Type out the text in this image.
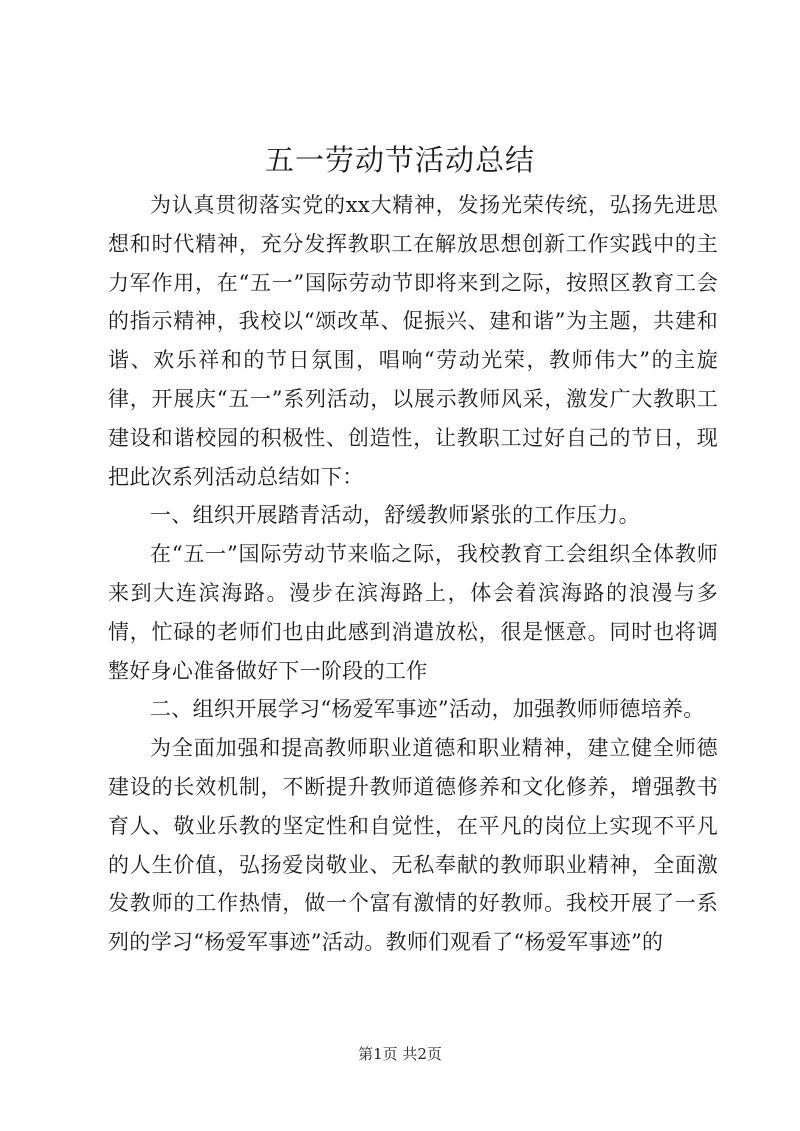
五一劳动节活动总结

为认真贯彻落实党的xx大精神，发扬光荣传统，弘扬先进思想和时代精神，充分发挥教职工在解放思想创新工作实践中的主力军作用，在“五一”国际劳动节即将来到之际，按照区教育工会的指示精神，我校以“颂改革、促振兴、建和谐”为主题，共建和谐、欢乐祥和的节日氛围，唱响“劳动光荣，教师伟大”的主旋律，开展庆“五一”系列活动，以展示教师风采，激发广大教职工建设和谐校园的积极性、创造性，让教职工过好自己的节日，现把此次系列活动总结如下：

一、组织开展踏青活动，舒缓教师紧张的工作压力。

在“五一”国际劳动节来临之际，我校教育工会组织全体教师来到大连滨海路。漫步在滨海路上，体会着滨海路的浪漫与多情，忙碌的老师们也由此感到消遣放松，很是惬意。同时也将调整好身心准备做好下一阶段的工作

二、组织开展学习“杨爱军事迹”活动，加强教师师德培养。

为全面加强和提高教师职业道德和职业精神，建立健全师德建设的长效机制，不断提升教师道德修养和文化修养，增强教书育人、敬业乐教的坚定性和自觉性，在平凡的岗位上实现不平凡的人生价值，弘扬爱岗敬业、无私奉献的教师职业精神，全面激发教师的工作热情，做一个富有激情的好教师。我校开展了一系列的学习“杨爱军事迹”活动。教师们观看了“杨爱军事迹”的

第1页 共2页
